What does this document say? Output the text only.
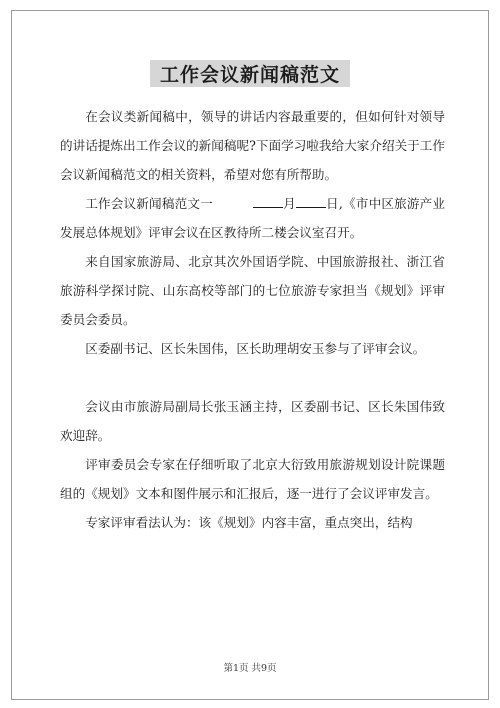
工作会议新闻稿范文

在会议类新闻稿中，领导的讲话内容最重要的，但如何针对领导的讲话提炼出工作会议的新闻稿呢?下面学习啦我给大家介绍关于工作会议新闻稿范文的相关资料，希望对您有所帮助。

工作会议新闻稿范文一	月 日,《市中区旅游产业发展总体规划》评审会议在区教待所二楼会议室召开。

来自国家旅游局、北京其次外国语学院、中国旅游报社、浙江省旅游科学探讨院、山东高校等部门的七位旅游专家担当《规划》评审委员会委员。

区委副书记、区长朱国伟，区长助理胡安玉参与了评审会议。

会议由市旅游局副局长张玉涵主持，区委副书记、区长朱国伟致欢迎辞。

评审委员会专家在仔细听取了北京大衍致用旅游规划设计院课题组的《规划》文本和图件展示和汇报后，逐一进行了会议评审发言。

专家评审看法认为：该《规划》内容丰富，重点突出，结构

第1页 共9页
